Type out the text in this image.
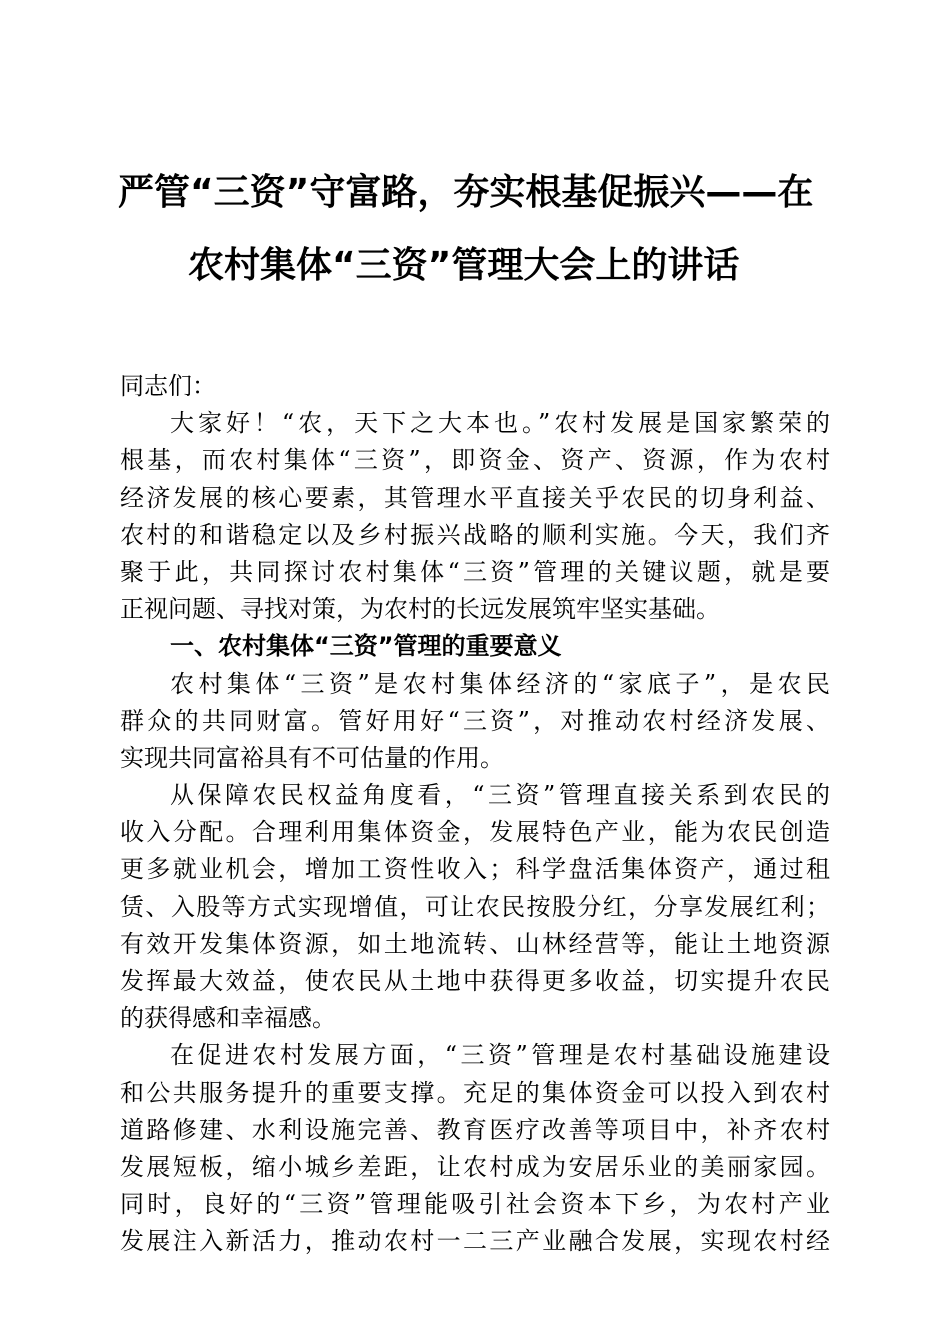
严管“三资”守富路，夯实根基促振兴——在
农村集体“三资”管理大会上的讲话
同志们：
大家好！“农，天下之大本也。”农村发展是国家繁荣的
根基，而农村集体“三资”，即资金、资产、资源，作为农村
经济发展的核心要素，其管理水平直接关乎农民的切身利益、
农村的和谐稳定以及乡村振兴战略的顺利实施。今天，我们齐
聚于此，共同探讨农村集体“三资”管理的关键议题，就是要
正视问题、寻找对策，为农村的长远发展筑牢坚实基础。
一、农村集体“三资”管理的重要意义
农村集体“三资”是农村集体经济的“家底子”，是农民
群众的共同财富。管好用好“三资”，对推动农村经济发展、
实现共同富裕具有不可估量的作用。
从保障农民权益角度看，“三资”管理直接关系到农民的
收入分配。合理利用集体资金，发展特色产业，能为农民创造
更多就业机会，增加工资性收入；科学盘活集体资产，通过租
赁、入股等方式实现增值，可让农民按股分红，分享发展红利；
有效开发集体资源，如土地流转、山林经营等，能让土地资源
发挥最大效益，使农民从土地中获得更多收益，切实提升农民
的获得感和幸福感。
在促进农村发展方面，“三资”管理是农村基础设施建设
和公共服务提升的重要支撑。充足的集体资金可以投入到农村
道路修建、水利设施完善、教育医疗改善等项目中，补齐农村
发展短板，缩小城乡差距，让农村成为安居乐业的美丽家园。
同时，良好的“三资”管理能吸引社会资本下乡，为农村产业
发展注入新活力，推动农村一二三产业融合发展，实现农村经
